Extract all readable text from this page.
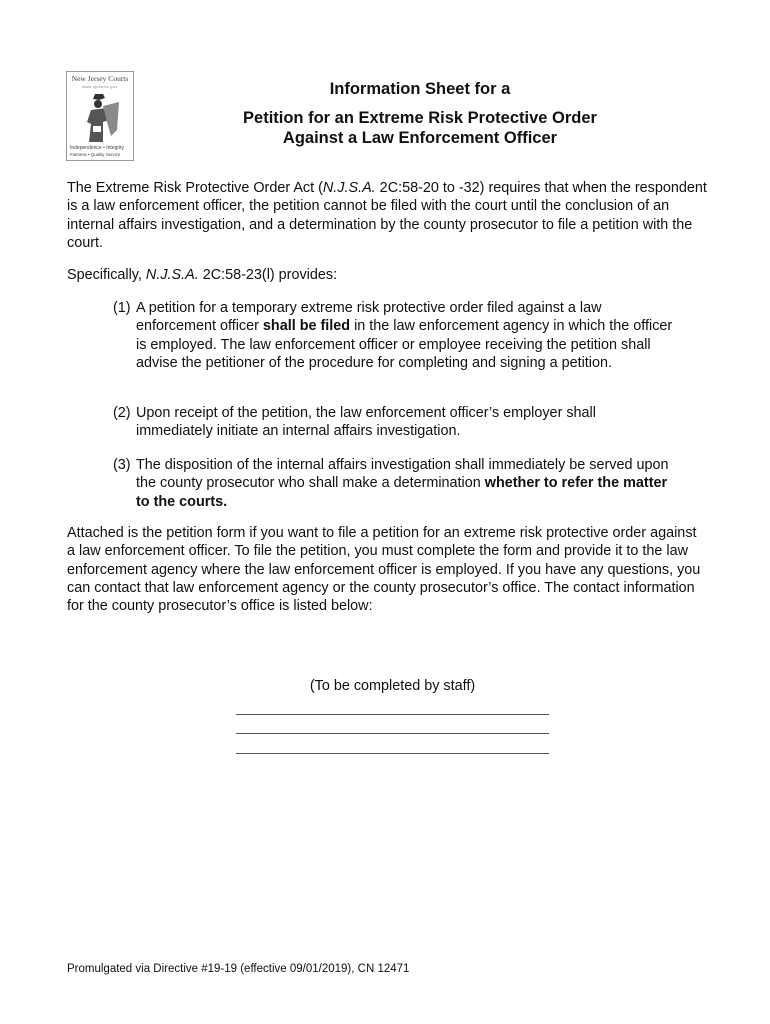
New Jersey Courts
www.njcourts.gov
Independence • Integrity
Fairness • Quality Service
Information Sheet for a
Petition for an Extreme Risk Protective Order
Against a Law Enforcement Officer

The Extreme Risk Protective Order Act (N.J.S.A. 2C:58-20 to -32) requires that when the respondent is a law enforcement officer, the petition cannot be filed with the court until the conclusion of an internal affairs investigation, and a determination by the county prosecutor to file a petition with the court.

Specifically, N.J.S.A. 2C:58-23(l) provides:

(1) A petition for a temporary extreme risk protective order filed against a law enforcement officer shall be filed in the law enforcement agency in which the officer is employed. The law enforcement officer or employee receiving the petition shall advise the petitioner of the procedure for completing and signing a petition.

(2) Upon receipt of the petition, the law enforcement officer’s employer shall immediately initiate an internal affairs investigation.

(3) The disposition of the internal affairs investigation shall immediately be served upon the county prosecutor who shall make a determination whether to refer the matter to the courts.

Attached is the petition form if you want to file a petition for an extreme risk protective order against a law enforcement officer. To file the petition, you must complete the form and provide it to the law enforcement agency where the law enforcement officer is employed. If you have any questions, you can contact that law enforcement agency or the county prosecutor’s office. The contact information for the county prosecutor’s office is listed below:

(To be completed by staff)
Promulgated via Directive #19-19 (effective 09/01/2019), CN 12471
